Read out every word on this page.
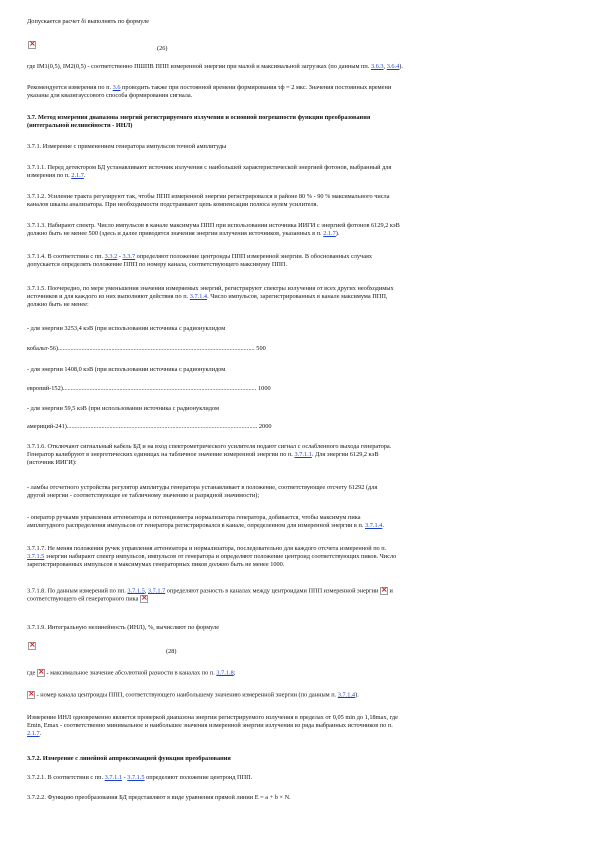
Допускается расчет δi выполнять по формуле

×
(26)

где IМ1(0,5), IМ2(0,5) - соответственно ПШПВ ППП измеренной энергии при малой и максимальной загрузках (по данным пп. 3.6.3, 3.6.4).

Рекомендуется измерения по п. 3.6 проводить также при постоянной времени формирования τф = 2 мкс. Значения постоянных времени
указаны для квазигауссового способа формирования сигнала.

3.7. Метод измерения диапазона энергий регистрируемого излучения и основной погрешности функции преобразования
(интегральной нелинейности - ИНЛ)

3.7.1. Измерение с применением генератора импульсов точной амплитуды

3.7.1.1. Перед детектором БД устанавливают источник излучения с наибольшей характеристической энергией фотонов, выбранный для
измерения по п. 2.1.7.

3.7.1.2. Усиление тракта регулируют так, чтобы ППП измеренной энергии регистрировался в районе 80 % - 90 % максимального числа
каналов шкалы анализатора. При необходимости подстраивают цепь компенсации полюса нулем усилителя.

3.7.1.3. Набирают спектр. Число импульсов в канале максимума ППП при использовании источника ИИГИ с энергией фотонов 6129,2 кэВ
должно быть не менее 500 (здесь и далее приводятся значения энергии излучения источников, указанных в п. 2.1.7).

3.7.1.4. В соответствии с пп. 3.3.2 - 3.3.7 определяют положение центроиды ППП измеренной энергии. В обоснованных случаях
допускается определять положение ППП по номеру канала, соответствующего максимуму ППП.

3.7.1.5. Поочередно, по мере уменьшения значения измеряемых энергий, регистрируют спектры излучения от всех других необходимых
источников и для каждого из них выполняют действия по п. 3.7.1.4. Число импульсов, зарегистрированных в канале максимума ППП,
должно быть не менее:

- для энергии 3253,4 кэВ (при использовании источника с радионуклидом

кобальт-56)............................................................................................................................. 500

- для энергии 1408,0 кэВ (при использовании источника с радионуклидом

европий-152)........................................................................................................................... 1000

- для энергии 59,5 кэВ (при использовании источника с радионуклидом

америций-241)......................................................................................................................... 2000

3.7.1.6. Отключают сигнальный кабель БД и на вход спектрометрического усилителя подают сигнал с ослабленного выхода генератора.
Генератор калибруют в энергетических единицах на табличное значение измеренной энергии по п. 3.7.1.1. Для энергии 6129,2 кэВ
(источник ИИГИ):

- ламбы отсчетного устройства регулятор амплитуды генератора устанавливает в положение, соответствующее отсчету 61292 (для
другой энергии - соответствующее ее табличному значению и разрядной значимости);

- оператор ручками управления аттенюатора и потенциометра нормализатора генератора, добивается, чтобы максимум пика
амплитудного распределения импульсов от генератора регистрировался в канале, определенном для измеренной энергии в п. 3.7.1.4.

3.7.1.7. Не меняя положения ручек управления аттенюатора и нормализатора, последовательно для каждого отсчета измеренной по п.
3.7.1.5 энергии набирают спектр импульсов, импульсов от генератора и определяют положение центроид соответствующих пиков. Число
зарегистрированных импульсов в максимумах генераторных пиков должно быть не менее 1000.

3.7.1.8. По данным измерений по пп. 3.7.1.5, 3.7.1.7 определяют разность в каналах между центроидами ППП измеренной энергии × и
соответствующего ей генераторного пика ×

3.7.1.9. Интегральную нелинейность (ИНЛ), %, вычисляют по формуле

×
(28)

где × - максимальное значение абсолютной разности в каналах по п. 3.7.1.8;

× - номер канала центроиды ППП, соответствующего наибольшему значению измеренной энергии (по данным п. 3.7.1.4).

Измерение ИНЛ одновременно является проверкой диапазона энергии регистрируемого излучения в пределах от 0,05 min до 1,18max, где
Emin, Emax - соответственно минимальное и наибольшее значения измеренной энергии излучения из ряда выбранных источников по п.
2.1.7.

3.7.2. Измерение с линейной аппроксимацией функции преобразования

3.7.2.1. В соответствии с пп. 3.7.1.1 - 3.7.1.5 определяют положение центроид ППП.

3.7.2.2. Функцию преобразования БД представляют в виде уравнения прямой линии Е = a + b × N.
